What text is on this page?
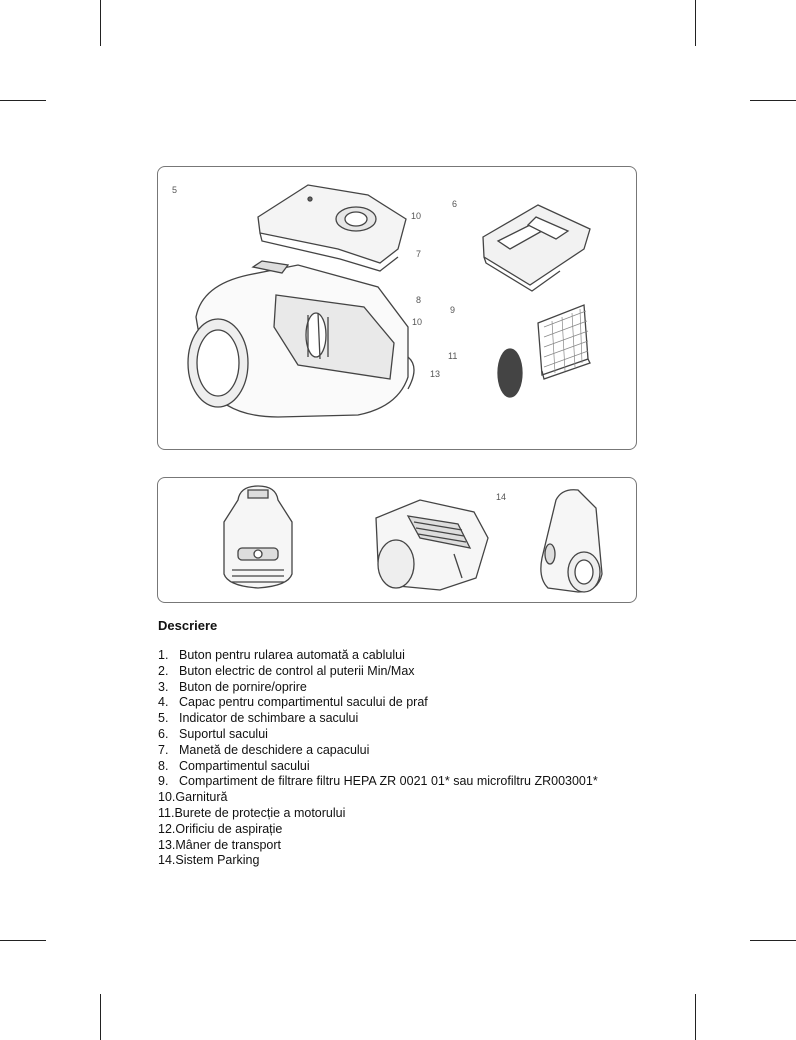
5
6
10
7
8
9
10
11
13
14
Descriere
1. Buton pentru rularea automată a cablului
2. Buton electric de control al puterii Min/Max
3. Buton de pornire/oprire
4. Capac pentru compartimentul sacului de praf
5. Indicator de schimbare a sacului
6. Suportul sacului
7. Manetă de deschidere a capacului
8. Compartimentul sacului
9. Compartiment de filtrare filtru HEPA ZR 0021 01* sau microfiltru ZR003001*
10.Garnitură
11.Burete de protecție a motorului
12.Orificiu de aspirație
13.Mâner de transport
14.Sistem Parking
